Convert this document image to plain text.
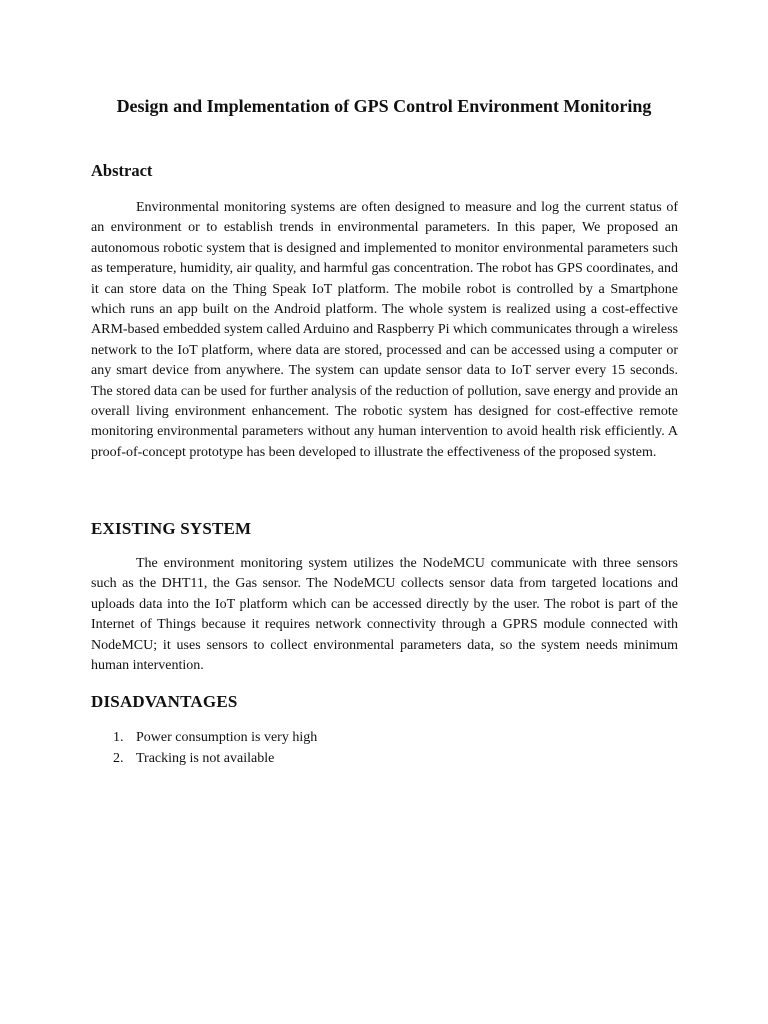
Design and Implementation of GPS Control Environment Monitoring
Abstract

Environmental monitoring systems are often designed to measure and log the current status of an environment or to establish trends in environmental parameters. In this paper, We proposed an autonomous robotic system that is designed and implemented to monitor environmental parameters such as temperature, humidity, air quality, and harmful gas concentration. The robot has GPS coordinates, and it can store data on the Thing Speak IoT platform. The mobile robot is controlled by a Smartphone which runs an app built on the Android platform. The whole system is realized using a cost-effective ARM-based embedded system called Arduino and Raspberry Pi which communicates through a wireless network to the IoT platform, where data are stored, processed and can be accessed using a computer or any smart device from anywhere. The system can update sensor data to IoT server every 15 seconds. The stored data can be used for further analysis of the reduction of pollution, save energy and provide an overall living environment enhancement. The robotic system has designed for cost-effective remote monitoring environmental parameters without any human intervention to avoid health risk efficiently. A proof-of-concept prototype has been developed to illustrate the effectiveness of the proposed system.

EXISTING SYSTEM

The environment monitoring system utilizes the NodeMCU communicate with three sensors such as the DHT11, the Gas sensor. The NodeMCU collects sensor data from targeted locations and uploads data into the IoT platform which can be accessed directly by the user. The robot is part of the Internet of Things because it requires network connectivity through a GPRS module connected with NodeMCU; it uses sensors to collect environmental parameters data, so the system needs minimum human intervention.

DISADVANTAGES
1. Power consumption is very high
2. Tracking is not available
